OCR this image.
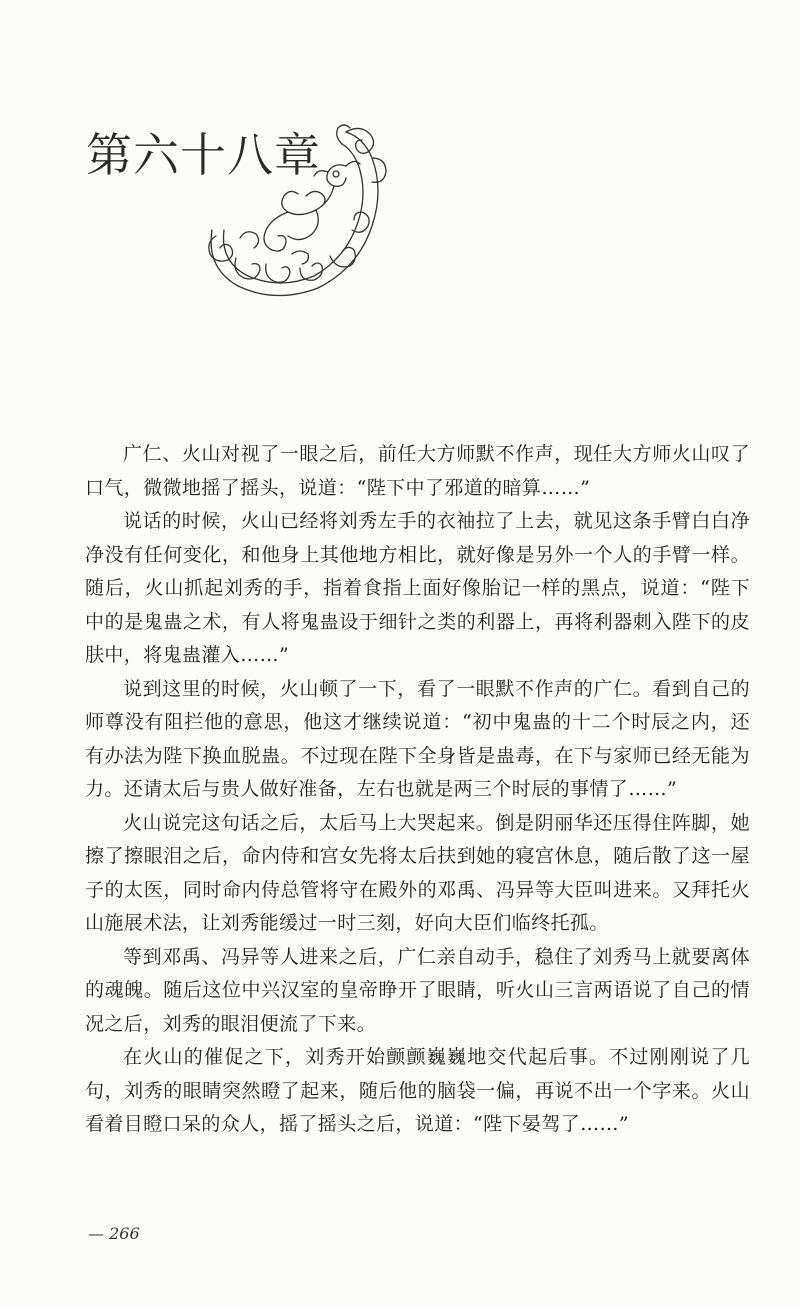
第六十八章

广仁、火山对视了一眼之后，前任大方师默不作声，现任大方师火山叹了口气，微微地摇了摇头，说道：“陛下中了邪道的暗算……”

说话的时候，火山已经将刘秀左手的衣袖拉了上去，就见这条手臂白白净净没有任何变化，和他身上其他地方相比，就好像是另外一个人的手臂一样。随后，火山抓起刘秀的手，指着食指上面好像胎记一样的黑点，说道：“陛下中的是鬼蛊之术，有人将鬼蛊设于细针之类的利器上，再将利器刺入陛下的皮肤中，将鬼蛊灌入……”

说到这里的时候，火山顿了一下，看了一眼默不作声的广仁。看到自己的师尊没有阻拦他的意思，他这才继续说道：“初中鬼蛊的十二个时辰之内，还有办法为陛下换血脱蛊。不过现在陛下全身皆是蛊毒，在下与家师已经无能为力。还请太后与贵人做好准备，左右也就是两三个时辰的事情了……”

火山说完这句话之后，太后马上大哭起来。倒是阴丽华还压得住阵脚，她擦了擦眼泪之后，命内侍和宫女先将太后扶到她的寝宫休息，随后散了这一屋子的太医，同时命内侍总管将守在殿外的邓禹、冯异等大臣叫进来。又拜托火山施展术法，让刘秀能缓过一时三刻，好向大臣们临终托孤。

等到邓禹、冯异等人进来之后，广仁亲自动手，稳住了刘秀马上就要离体的魂魄。随后这位中兴汉室的皇帝睁开了眼睛，听火山三言两语说了自己的情况之后，刘秀的眼泪便流了下来。

在火山的催促之下，刘秀开始颤颤巍巍地交代起后事。不过刚刚说了几句，刘秀的眼睛突然瞪了起来，随后他的脑袋一偏，再说不出一个字来。火山看着目瞪口呆的众人，摇了摇头之后，说道：“陛下晏驾了……”

— 266
